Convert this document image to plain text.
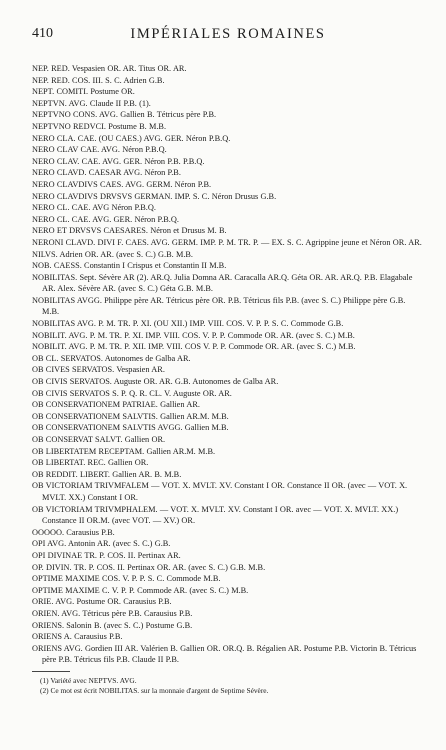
410	IMPÉRIALES ROMAINES
NEP. RED. Vespasien OR. AR. Titus OR. AR.
NEP. RED. COS. III. S. C. Adrien G.B.
NEPT. COMITI. Postume OR.
NEPTVN. AVG. Claude II P.B. (1).
NEPTVNO CONS. AVG. Gallien B. Tétricus père P.B.
NEPTVNO REDVCI. Postume B. M.B.
NERO CLA. CAE. (OU CAES.) AVG. GER. Néron P.B.Q.
NERO CLAV CAE. AVG. Néron P.B.Q.
NERO CLAV. CAE. AVG. GER. Néron P.B. P.B.Q.
NERO CLAVD. CAESAR AVG. Néron P.B.
NERO CLAVDIVS CAES. AVG. GERM. Néron P.B.
NERO CLAVDIVS DRVSVS GERMAN. IMP. S. C. Néron Drusus G.B.
NERO CL. CAE. AVG Néron P.B.Q.
NERO CL. CAE. AVG. GER. Néron P.B.Q.
NERO ET DRVSVS CAESARES. Néron et Drusus M. B.
NERONI CLAVD. DIVI F. CAES. AVG. GERM. IMP. P. M. TR. P. — EX. S. C. Agrippine jeune et Néron OR. AR.
NILVS. Adrien OR. AR. (avec S. C.) G.B. M.B.
NOB. CAESS. Constantin I Crispus et Constantin II M.B.
NOBILITAS. Sept. Sévère AR (2). AR.Q. Julia Domna AR. Caracalla AR.Q. Géta OR. AR. AR.Q. P.B. Elagabale AR. Alex. Sévère AR. (avec S. C.) Géta G.B. M.B.
NOBILITAS AVGG. Philippe père AR. Tétricus père OR. P.B. Tétricus fils P.B. (avec S. C.) Philippe père G.B. M.B.
NOBILITAS AVG. P. M. TR. P. XI. (OU XII.) IMP. VIII. COS. V. P. P. S. C. Commode G.B.
NOBILIT. AVG. P. M. TR. P. XI. IMP. VIII. COS. V. P. P. Commode OR. AR. (avec S. C.) M.B.
NOBILIT. AVG. P. M. TR. P. XII. IMP. VIII. COS V. P. P. Commode OR. AR. (avec S. C.) M.B.
OB CL. SERVATOS. Autonomes de Galba AR.
OB CIVES SERVATOS. Vespasien AR.
OB CIVIS SERVATOS. Auguste OR. AR. G.B. Autonomes de Galba AR.
OB CIVIS SERVATOS S. P. Q. R. CL. V. Auguste OR. AR.
OB CONSERVATIONEM PATRIAE. Gallien AR.
OB CONSERVATIONEM SALVTIS. Gallien AR.M. M.B.
OB CONSERVATIONEM SALVTIS AVGG. Gallien M.B.
OB CONSERVAT SALVT. Gallien OR.
OB LIBERTATEM RECEPTAM. Gallien AR.M. M.B.
OB LIBERTAT. REC. Gallien OR.
OB REDDIT. LIBERT. Gallien AR. B. M.B.
OB VICTORIAM TRIVMFALEM — VOT. X. MVLT. XV. Constant I OR. Constance II OR. (avec — VOT. X. MVLT. XX.) Constant I OR.
OB VICTORIAM TRIVMPHALEM. — VOT. X. MVLT. XV. Constant I OR. avec — VOT. X. MVLT. XX.) Constance II OR.M. (avec VOT. — XV.) OR.
OOOOO. Carausius P.B.
OPI AVG. Antonin AR. (avec S. C.) G.B.
OPI DIVINAE TR. P. COS. II. Pertinax AR.
OP. DIVIN. TR. P. COS. II. Pertinax OR. AR. (avec S. C.) G.B. M.B.
OPTIME MAXIME COS. V. P. P. S. C. Commode M.B.
OPTIME MAXIME C. V. P. P. Commode AR. (avec S. C.) M.B.
ORIE. AVG. Postume OR. Carausius P.B.
ORIEN. AVG. Tétricus père P.B. Carausius P.B.
ORIENS. Salonin B. (avec S. C.) Postume G.B.
ORIENS A. Carausius P.B.
ORIENS AVG. Gordien III AR. Valérien B. Gallien OR. OR.Q. B. Régalien AR. Postume P.B. Victorin B. Tétricus père P.B. Tétricus fils P.B. Claude II P.B.
(1) Variété avec NEPTVS. AVG.
(2) Ce mot est écrit NOBILITAS. sur la monnaie d'argent de Septime Sévère.
